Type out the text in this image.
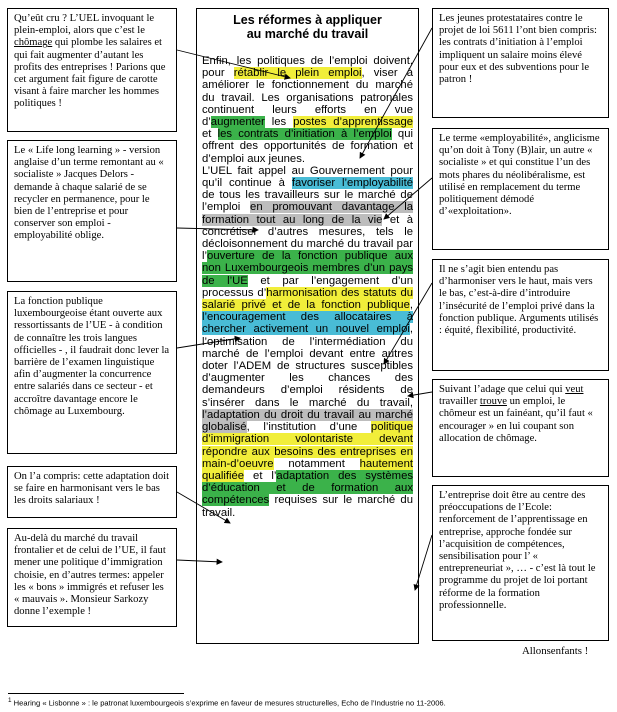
Qu’eût cru ? L’UEL invoquant le plein-emploi, alors que c’est le chômage qui plombe les salaires et qui fait augmenter d’autant les profits des entreprises ! Parions que cet argument fait figure de carotte visant à faire marcher les hommes politiques !

Le « Life long learning » - version anglaise d’un terme remontant au « socialiste » Jacques Delors - demande à chaque salarié de se recycler en permanence, pour le bien de l’entreprise et pour conserver son emploi - employabilité oblige.

La fonction publique luxembourgeoise étant ouverte aux ressortissants de l’UE - à condition de connaître les trois langues officielles - , il faudrait donc lever la barrière de l’examen linguistique afin d’augmenter la concurrence entre salariés dans ce secteur - et accroître davantage encore le chômage au Luxembourg.

On l’a compris: cette adaptation doit se faire en harmonisant vers le bas les droits salariaux !

Au-delà du marché du travail frontalier et de celui de l’UE, il faut mener une politique d’immigration choisie, en d’autres termes: appeler les « bons » immigrés et refuser les « mauvais ». Monsieur Sarkozy donne l’exemple !

Les réformes à appliquer
au marché du travail

Enfin, les politiques de l’emploi doivent, pour rétablir le plein emploi, viser à améliorer le fonctionnement du marché du travail. Les organisations patronales continuent leurs efforts en vue d’augmenter les postes d’apprentissage et les contrats d’initiation à l’emploi qui offrent des opportunités de formation et d’emploi aux jeunes.

L’UEL fait appel au Gouvernement pour qu’il continue à favoriser l’employabilité de tous les travailleurs sur le marché de l’emploi en promouvant davantage la formation tout au long de la vie et à concrétiser d’autres mesures, tels le décloisonnement du marché du travail par l’ouverture de la fonction publique aux non Luxembourgeois membres d’un pays de l’UE et par l’engagement d’un processus d’harmonisation des statuts du salarié privé et de la fonction publique, l’encouragement des allocataires à chercher activement un nouvel emploi, l’optimisation de l’intermédiation du marché de l’emploi devant entre autres doter l’ADEM de structures susceptibles d’augmenter les chances des demandeurs d’emploi résidents de s’insérer dans le marché du travail, l’adaptation du droit du travail au marché globalisé, l’institution d’une politique d’immigration volontariste devant répondre aux besoins des entreprises en main-d’oeuvre notamment hautement qualifiée et l’adaptation des systèmes d’éducation et de formation aux compétences requises sur le marché du travail.

Les jeunes protestataires contre le projet de loi 5611 l’ont bien compris: les contrats d’initiation à l’emploi impliquent un salaire moins élevé pour eux et des subventions pour le patron !

Le terme «employabilité», anglicisme qu’on doit à Tony (B)lair, un autre « socialiste » et qui constitue l’un des mots phares du néolibéralisme, est utilisé en remplacement du terme politiquement démodé d’«exploitation».

Il ne s’agit bien entendu pas d’harmoniser vers le haut, mais vers le bas, c’est-à-dire d’introduire l’insécurité de l’emploi privé dans la fonction publique. Arguments utilisés : équité, flexibilité, productivité.

Suivant l’adage que celui qui veut travailler trouve un emploi, le chômeur est un fainéant, qu’il faut « encourager » en lui coupant son allocation de chômage.

L’entreprise doit être au centre des préoccupations de l’Ecole: renforcement de l’apprentissage en entreprise, approche fondée sur l’acquisition de compétences, sensibilisation pour l’ « entrepreneuriat », … - c’est là tout le programme du projet de loi portant réforme de la formation professionnelle.

Allonsenfants !
$^1$ Hearing « Lisbonne » : le patronat luxembourgeois s’exprime en faveur de mesures structurelles, Echo de l’Industrie no 11-2006.
